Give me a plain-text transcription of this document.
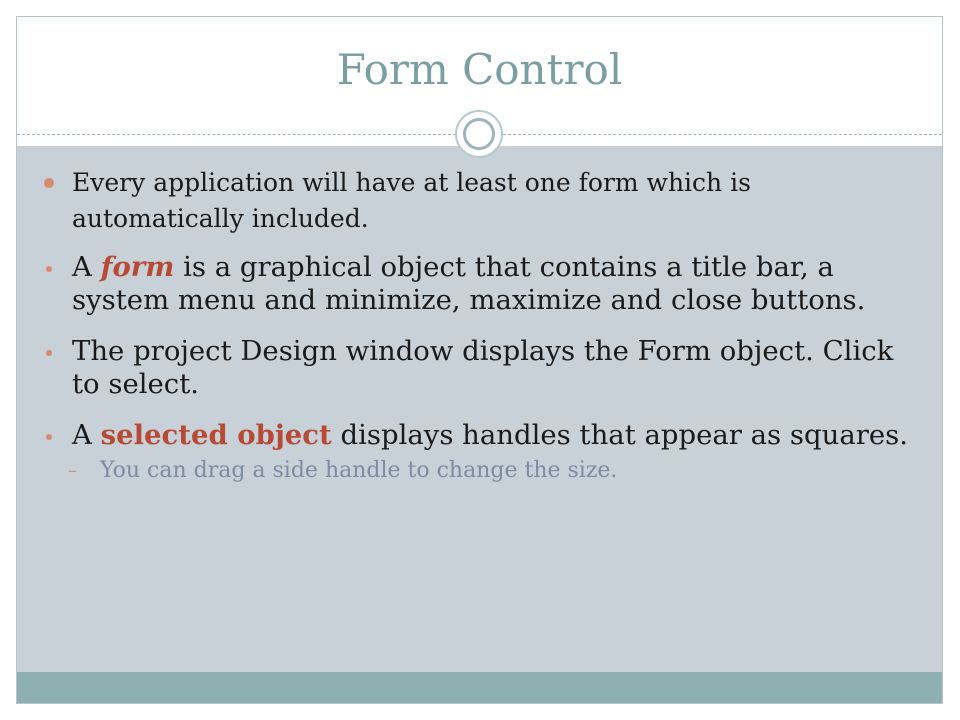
Form Control

Every application will have at least one form which is automatically included.

A form is a graphical object that contains a title bar, a system menu and minimize, maximize and close buttons.

The project Design window displays the Form object. Click to select.

A selected object displays handles that appear as squares.

– You can drag a side handle to change the size.
